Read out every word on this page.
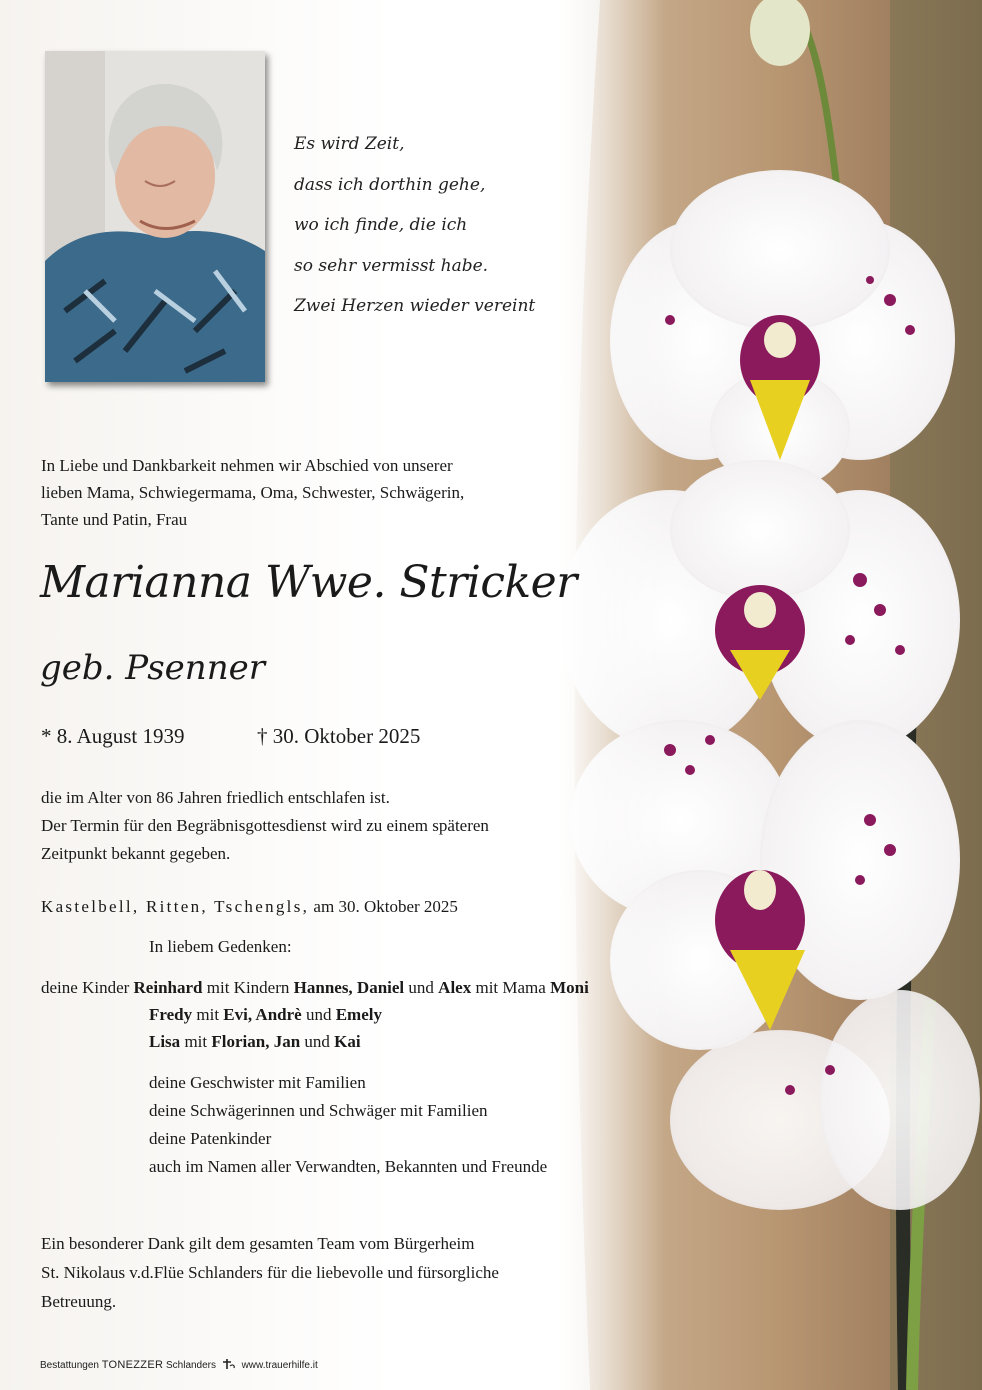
Es wird Zeit,
dass ich dorthin gehe,
wo ich finde, die ich
so sehr vermisst habe.
Zwei Herzen wieder vereint
In Liebe und Dankbarkeit nehmen wir Abschied von unserer
lieben Mama, Schwiegermama, Oma, Schwester, Schwägerin,
Tante und Patin, Frau
Marianna Wwe. Stricker
geb. Psenner
* 8. August 1939	† 30. Oktober 2025
die im Alter von 86 Jahren friedlich entschlafen ist.
Der Termin für den Begräbnisgottesdienst wird zu einem späteren
Zeitpunkt bekannt gegeben.
Kastelbell, Ritten, Tschengls, am 30. Oktober 2025
In liebem Gedenken:
deine Kinder Reinhard mit Kindern Hannes, Daniel und Alex mit Mama Moni
Fredy mit Evi, Andrè und Emely
Lisa mit Florian, Jan und Kai
deine Geschwister mit Familien
deine Schwägerinnen und Schwäger mit Familien
deine Patenkinder
auch im Namen aller Verwandten, Bekannten und Freunde
Ein besonderer Dank gilt dem gesamten Team vom Bürgerheim
St. Nikolaus v.d.Flüe Schlanders für die liebevolle und fürsorgliche
Betreuung.
Bestattungen TONEZZER Schlanders	www.trauerhilfe.it
